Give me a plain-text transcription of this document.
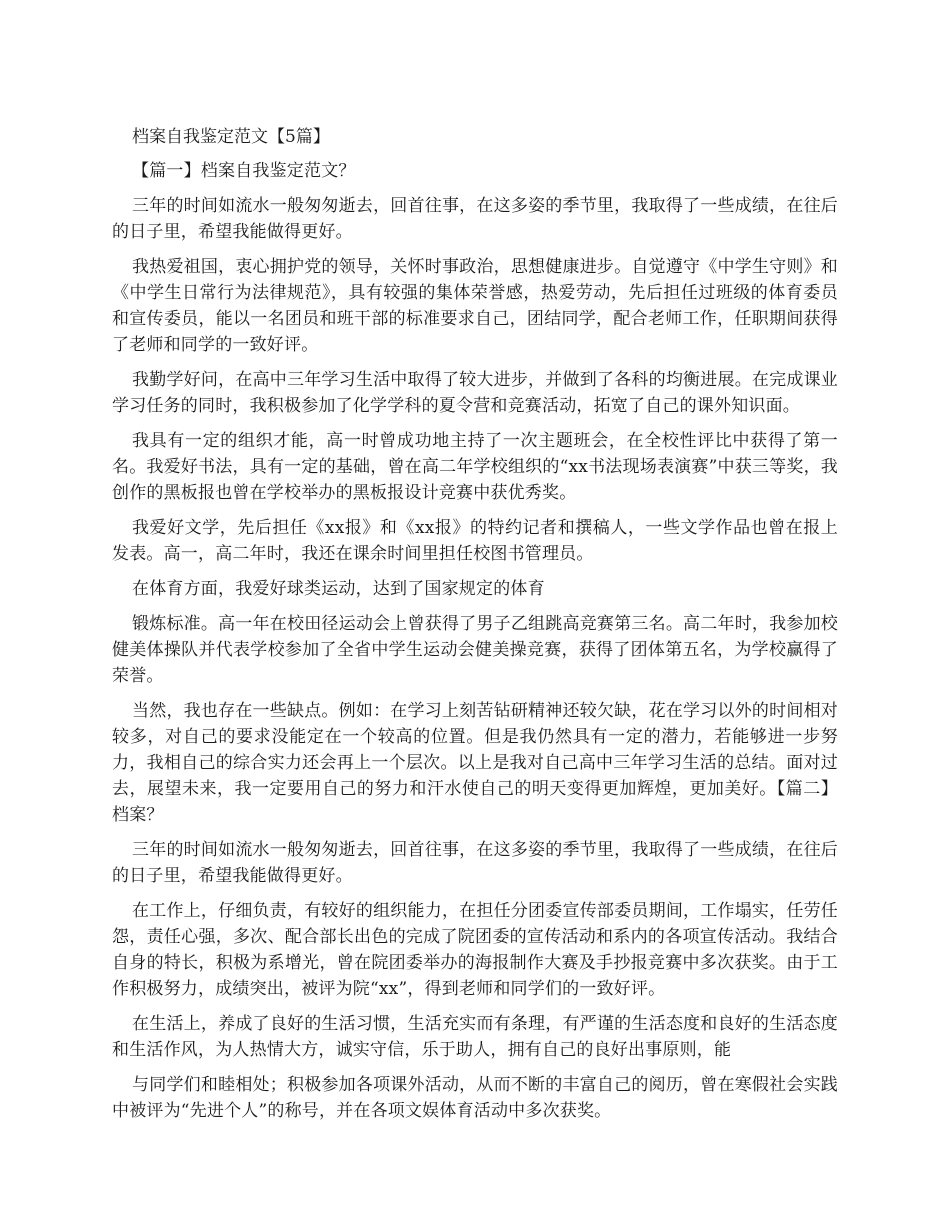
档案自我鉴定范文【5篇】

【篇一】档案自我鉴定范文？

三年的时间如流水一般匆匆逝去，回首往事，在这多姿的季节里，我取得了一些成绩，在往后的日子里，希望我能做得更好。

我热爱祖国，衷心拥护党的领导，关怀时事政治，思想健康进步。自觉遵守《中学生守则》和《中学生日常行为法律规范》，具有较强的集体荣誉感，热爱劳动，先后担任过班级的体育委员和宣传委员，能以一名团员和班干部的标准要求自己，团结同学，配合老师工作，任职期间获得了老师和同学的一致好评。

我勤学好问，在高中三年学习生活中取得了较大进步，并做到了各科的均衡进展。在完成课业学习任务的同时，我积极参加了化学学科的夏令营和竞赛活动，拓宽了自己的课外知识面。

我具有一定的组织才能，高一时曾成功地主持了一次主题班会，在全校性评比中获得了第一名。我爱好书法，具有一定的基础，曾在高二年学校组织的“xx书法现场表演赛”中获三等奖，我创作的黑板报也曾在学校举办的黑板报设计竞赛中获优秀奖。

我爱好文学，先后担任《xx报》和《xx报》的特约记者和撰稿人，一些文学作品也曾在报上发表。高一，高二年时，我还在课余时间里担任校图书管理员。

在体育方面，我爱好球类运动，达到了国家规定的体育

锻炼标准。高一年在校田径运动会上曾获得了男子乙组跳高竞赛第三名。高二年时，我参加校健美体操队并代表学校参加了全省中学生运动会健美操竞赛，获得了团体第五名，为学校赢得了荣誉。

当然，我也存在一些缺点。例如：在学习上刻苦钻研精神还较欠缺，花在学习以外的时间相对较多，对自己的要求没能定在一个较高的位置。但是我仍然具有一定的潜力，若能够进一步努力，我相自己的综合实力还会再上一个层次。以上是我对自己高中三年学习生活的总结。面对过去，展望未来，我一定要用自己的努力和汗水使自己的明天变得更加辉煌，更加美好。【篇二】档案？

三年的时间如流水一般匆匆逝去，回首往事，在这多姿的季节里，我取得了一些成绩，在往后的日子里，希望我能做得更好。

在工作上，仔细负责，有较好的组织能力，在担任分团委宣传部委员期间，工作塌实，任劳任怨，责任心强，多次、配合部长出色的完成了院团委的宣传活动和系内的各项宣传活动。我结合自身的特长，积极为系增光，曾在院团委举办的海报制作大赛及手抄报竞赛中多次获奖。由于工作积极努力，成绩突出，被评为院“xx”，得到老师和同学们的一致好评。

在生活上，养成了良好的生活习惯，生活充实而有条理，有严谨的生活态度和良好的生活态度和生活作风，为人热情大方，诚实守信，乐于助人，拥有自己的良好出事原则，能

与同学们和睦相处；积极参加各项课外活动，从而不断的丰富自己的阅历，曾在寒假社会实践中被评为“先进个人”的称号，并在各项文娱体育活动中多次获奖。
